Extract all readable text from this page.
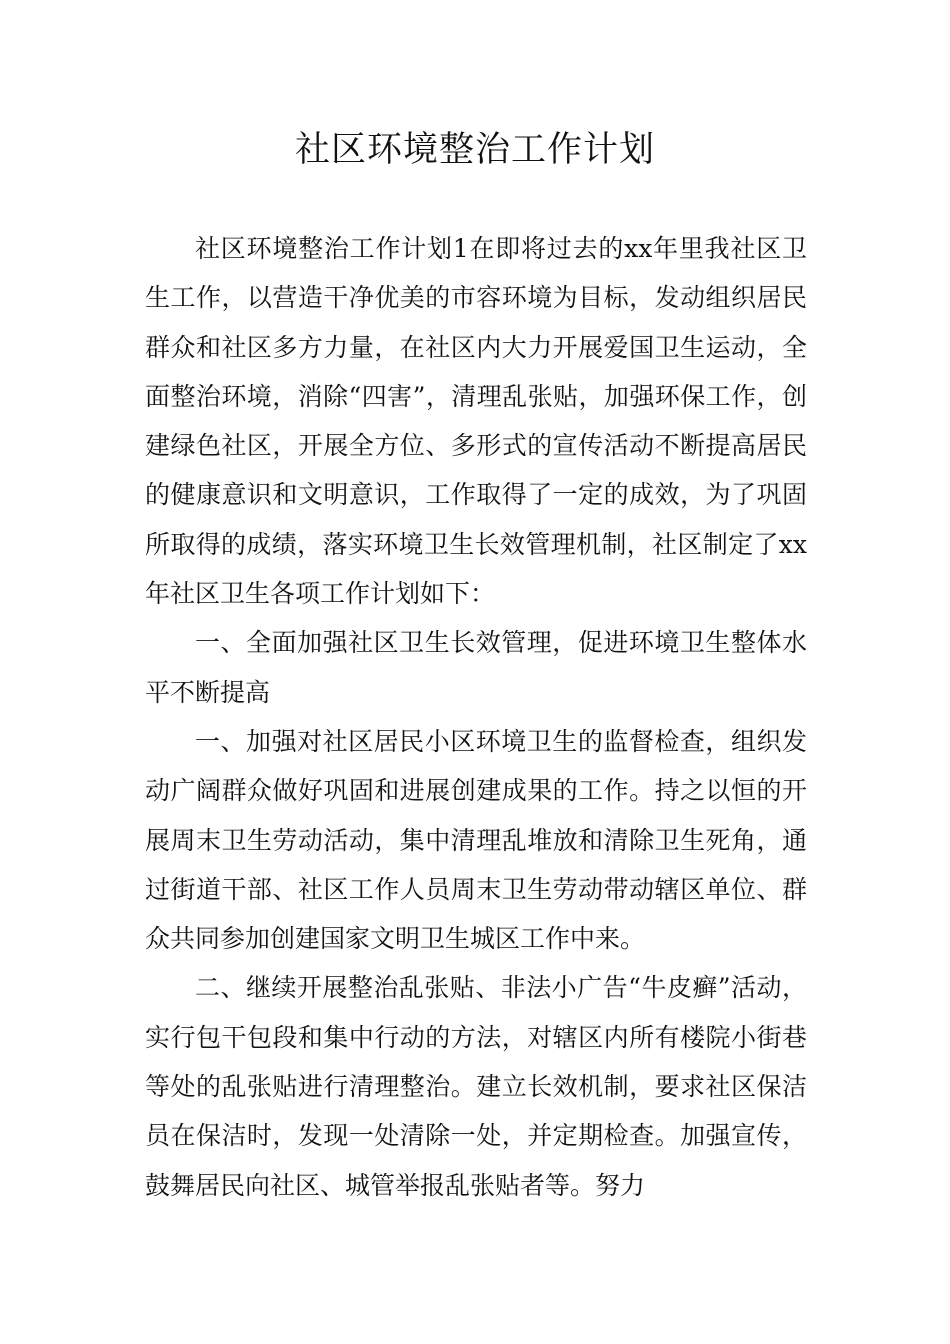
社区环境整治工作计划

社区环境整治工作计划1在即将过去的xx年里我社区卫生工作，以营造干净优美的市容环境为目标，发动组织居民群众和社区多方力量，在社区内大力开展爱国卫生运动，全面整治环境，消除“四害”，清理乱张贴，加强环保工作，创建绿色社区，开展全方位、多形式的宣传活动不断提高居民的健康意识和文明意识，工作取得了一定的成效，为了巩固所取得的成绩，落实环境卫生长效管理机制，社区制定了xx年社区卫生各项工作计划如下：

一、全面加强社区卫生长效管理，促进环境卫生整体水平不断提高

一、加强对社区居民小区环境卫生的监督检查，组织发动广阔群众做好巩固和进展创建成果的工作。持之以恒的开展周末卫生劳动活动，集中清理乱堆放和清除卫生死角，通过街道干部、社区工作人员周末卫生劳动带动辖区单位、群众共同参加创建国家文明卫生城区工作中来。

二、继续开展整治乱张贴、非法小广告“牛皮癣”活动，实行包干包段和集中行动的方法，对辖区内所有楼院小街巷等处的乱张贴进行清理整治。建立长效机制，要求社区保洁员在保洁时，发现一处清除一处，并定期检查。加强宣传，鼓舞居民向社区、城管举报乱张贴者等。努力
